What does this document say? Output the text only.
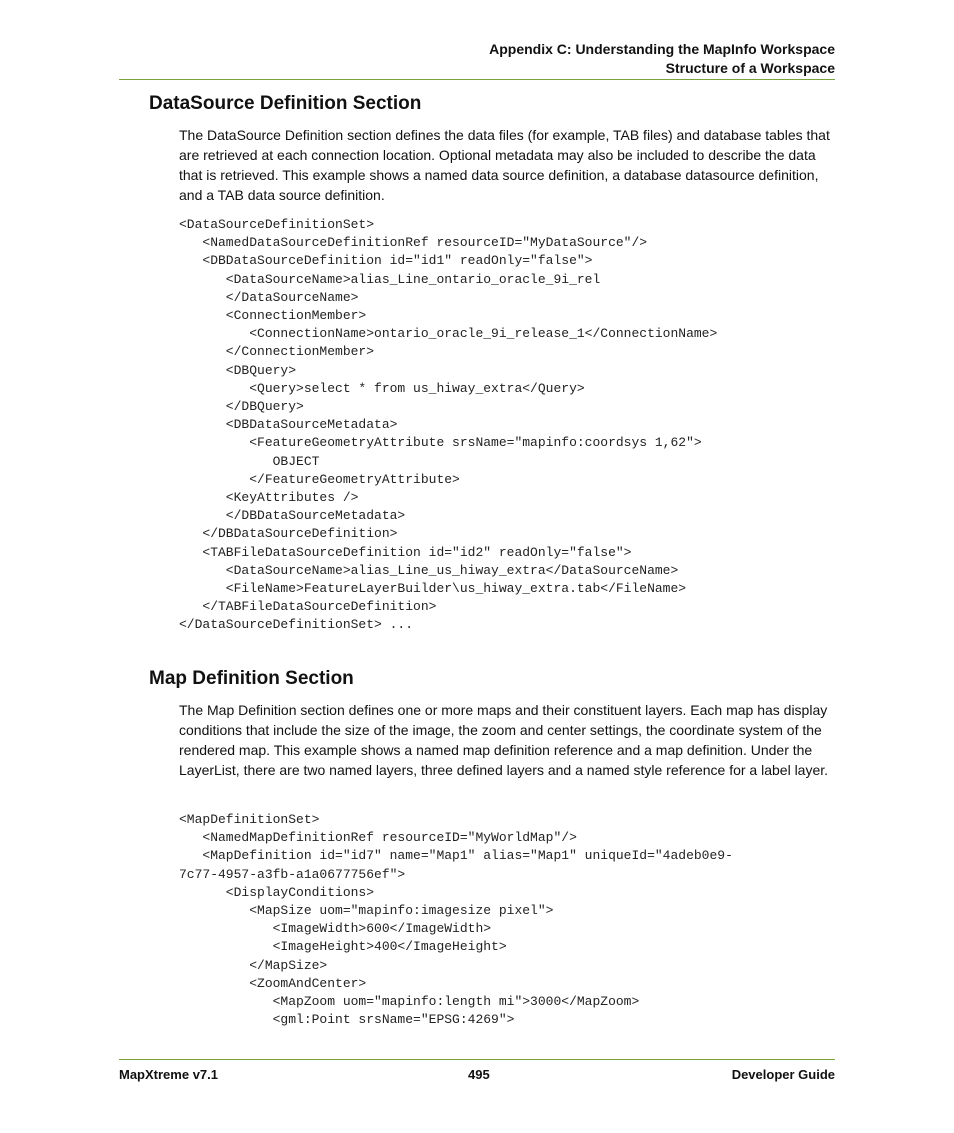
Appendix C: Understanding the MapInfo Workspace
Structure of a Workspace
DataSource Definition Section

The DataSource Definition section defines the data files (for example, TAB files) and database tables that are retrieved at each connection location. Optional metadata may also be included to describe the data that is retrieved. This example shows a named data source definition, a database datasource definition, and a TAB data source definition.

<DataSourceDefinitionSet>
<NamedDataSourceDefinitionRef resourceID="MyDataSource"/>
<DBDataSourceDefinition id="id1" readOnly="false">
<DataSourceName>alias_Line_ontario_oracle_9i_rel
</DataSourceName>
<ConnectionMember>
<ConnectionName>ontario_oracle_9i_release_1</ConnectionName>
</ConnectionMember>
<DBQuery>
<Query>select * from us_hiway_extra</Query>
</DBQuery>
<DBDataSourceMetadata>
<FeatureGeometryAttribute srsName="mapinfo:coordsys 1,62">
OBJECT
</FeatureGeometryAttribute>
<KeyAttributes />
</DBDataSourceMetadata>
</DBDataSourceDefinition>
<TABFileDataSourceDefinition id="id2" readOnly="false">
<DataSourceName>alias_Line_us_hiway_extra</DataSourceName>
<FileName>FeatureLayerBuilder\us_hiway_extra.tab</FileName>
</TABFileDataSourceDefinition>
</DataSourceDefinitionSet> ...
Map Definition Section

The Map Definition section defines one or more maps and their constituent layers. Each map has display conditions that include the size of the image, the zoom and center settings, the coordinate system of the rendered map. This example shows a named map definition reference and a map definition. Under the LayerList, there are two named layers, three defined layers and a named style reference for a label layer.

<MapDefinitionSet>
<NamedMapDefinitionRef resourceID="MyWorldMap"/>
<MapDefinition id="id7" name="Map1" alias="Map1" uniqueId="4adeb0e9-
7c77-4957-a3fb-a1a0677756ef">
<DisplayConditions>
<MapSize uom="mapinfo:imagesize pixel">
<ImageWidth>600</ImageWidth>
<ImageHeight>400</ImageHeight>
</MapSize>
<ZoomAndCenter>
<MapZoom uom="mapinfo:length mi">3000</MapZoom>
<gml:Point srsName="EPSG:4269">
MapXtreme v7.1	495	Developer Guide
